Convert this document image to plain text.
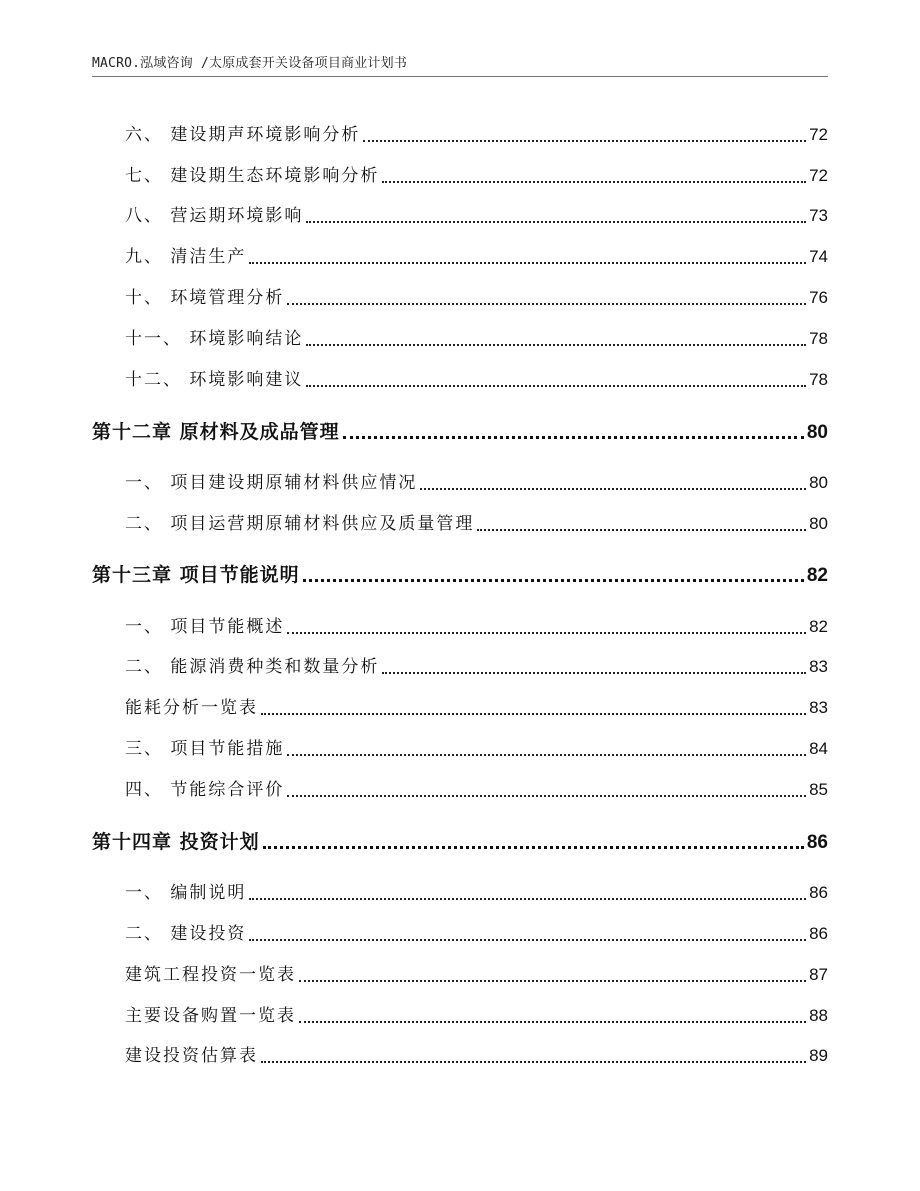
MACRO.泓域咨询 /太原成套开关设备项目商业计划书
六、 建设期声环境影响分析	72
七、 建设期生态环境影响分析	72
八、 营运期环境影响	73
九、 清洁生产	74
十、 环境管理分析	76
十一、 环境影响结论	78
十二、 环境影响建议	78
第十二章 原材料及成品管理	80
一、 项目建设期原辅材料供应情况	80
二、 项目运营期原辅材料供应及质量管理	80
第十三章 项目节能说明	82
一、 项目节能概述	82
二、 能源消费种类和数量分析	83
能耗分析一览表	83
三、 项目节能措施	84
四、 节能综合评价	85
第十四章 投资计划	86
一、 编制说明	86
二、 建设投资	86
建筑工程投资一览表	87
主要设备购置一览表	88
建设投资估算表	89
